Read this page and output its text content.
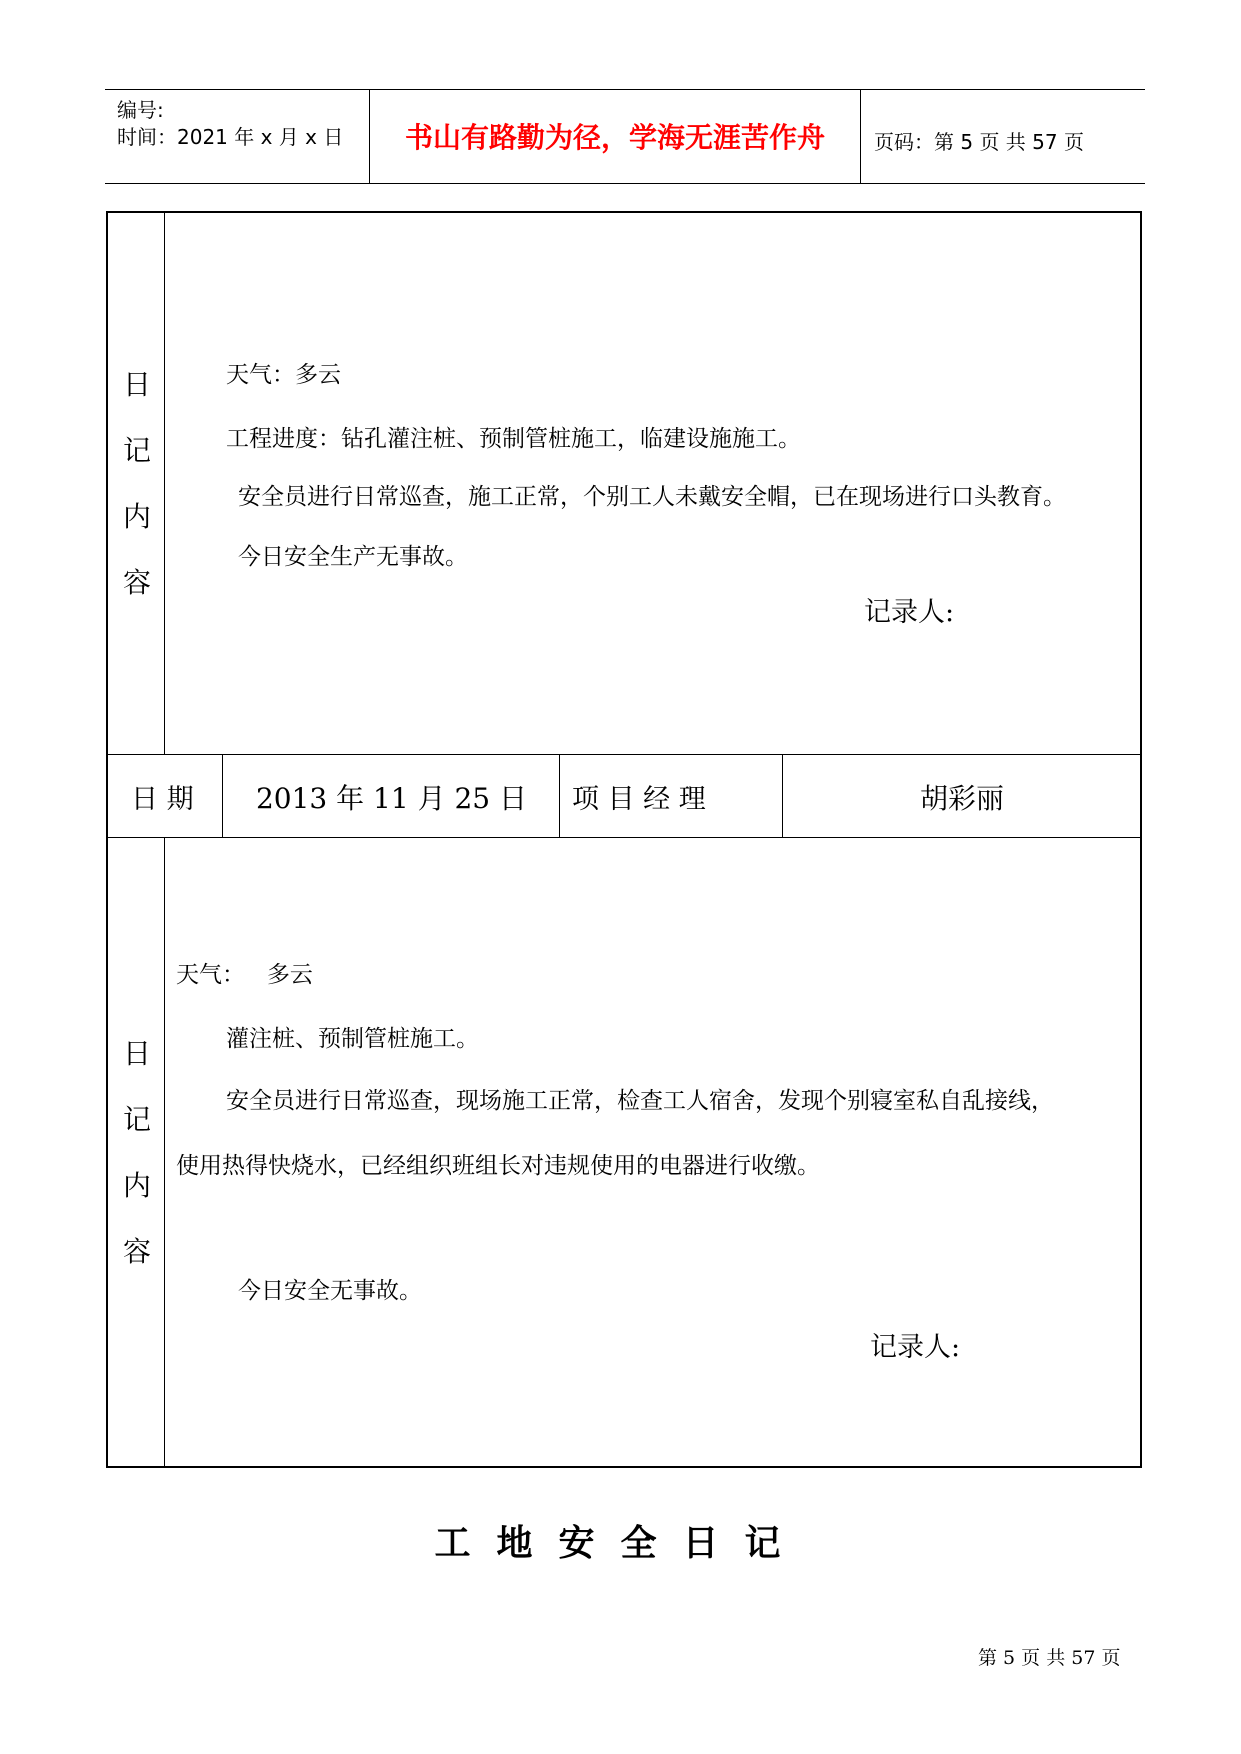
编号:
时间：2021 年 x 月 x 日	书山有路勤为径，学海无涯苦作舟	页码：第 5 页 共 57 页
日
记
内
容
天气：多云
工程进度：钻孔灌注桩、预制管桩施工，临建设施施工。
安全员进行日常巡查，施工正常，个别工人未戴安全帽，已在现场进行口头教育。
今日安全生产无事故。
记录人:
日 期	2013 年 11 月 25 日	项 目 经 理	胡彩丽
日
记
内
容
天气：   多云
灌注桩、预制管桩施工。
安全员进行日常巡查，现场施工正常，检查工人宿舍，发现个别寝室私自乱接线，
使用热得快烧水，已经组织班组长对违规使用的电器进行收缴。
今日安全无事故。
记录人:
工地安全日记
第 5 页 共 57 页
